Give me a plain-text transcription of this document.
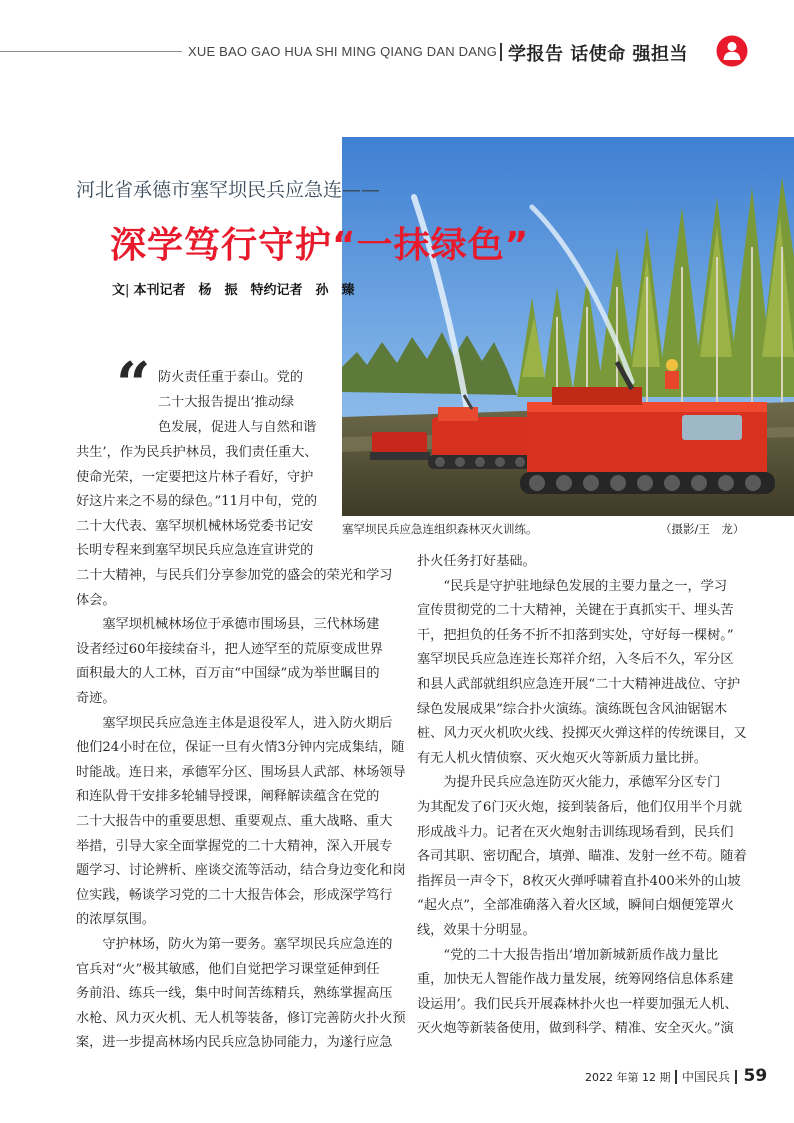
XUE BAO GAO HUA SHI MING QIANG DAN DANG 学报告 话使命 强担当
塞罕坝民兵应急连组织森林灭火训练。	（摄影/王　龙）
河北省承德市塞罕坝民兵应急连——
深学笃行守护“一抹绿色”
文| 本刊记者　杨　振　特约记者　孙　臻
“ 防火责任重于泰山。党的
二十大报告提出‘推动绿
色发展，促进人与自然和谐
共生’，作为民兵护林员，我们责任重大、
使命光荣，一定要把这片林子看好，守护
好这片来之不易的绿色。”11月中旬，党的
二十大代表、塞罕坝机械林场党委书记安
长明专程来到塞罕坝民兵应急连宣讲党的
二十大精神，与民兵们分享参加党的盛会的荣光和学习
体会。
　　塞罕坝机械林场位于承德市围场县，三代林场建
设者经过60年接续奋斗，把人迹罕至的荒原变成世界
面积最大的人工林，百万亩“中国绿”成为举世瞩目的
奇迹。
　　塞罕坝民兵应急连主体是退役军人，进入防火期后
他们24小时在位，保证一旦有火情3分钟内完成集结，随
时能战。连日来，承德军分区、围场县人武部、林场领导
和连队骨干安排多轮辅导授课，阐释解读蕴含在党的
二十大报告中的重要思想、重要观点、重大战略、重大
举措，引导大家全面掌握党的二十大精神，深入开展专
题学习、讨论辨析、座谈交流等活动，结合身边变化和岗
位实践，畅谈学习党的二十大报告体会，形成深学笃行
的浓厚氛围。
　　守护林场，防火为第一要务。塞罕坝民兵应急连的
官兵对“火”极其敏感，他们自觉把学习课堂延伸到任
务前沿、练兵一线，集中时间苦练精兵，熟练掌握高压
水枪、风力灭火机、无人机等装备，修订完善防火扑火预
案，进一步提高林场内民兵应急协同能力，为遂行应急
扑火任务打好基础。
　　“民兵是守护驻地绿色发展的主要力量之一，学习
宣传贯彻党的二十大精神，关键在于真抓实干、埋头苦
干，把担负的任务不折不扣落到实处，守好每一棵树。”
塞罕坝民兵应急连连长郑祥介绍，入冬后不久，军分区
和县人武部就组织应急连开展“二十大精神进战位、守护
绿色发展成果”综合扑火演练。演练既包含风油锯锯木
桩、风力灭火机吹火线、投掷灭火弹这样的传统课目，又
有无人机火情侦察、灭火炮灭火等新质力量比拼。
　　为提升民兵应急连防灭火能力，承德军分区专门
为其配发了6门灭火炮，接到装备后，他们仅用半个月就
形成战斗力。记者在灭火炮射击训练现场看到，民兵们
各司其职、密切配合，填弹、瞄准、发射一丝不苟。随着
指挥员一声令下，8枚灭火弹呼啸着直扑400米外的山坡
“起火点”，全部准确落入着火区域，瞬间白烟便笼罩火
线，效果十分明显。
　　“党的二十大报告指出‘增加新城新质作战力量比
重，加快无人智能作战力量发展，统筹网络信息体系建
设运用’。我们民兵开展森林扑火也一样要加强无人机、
灭火炮等新装备使用，做到科学、精准、安全灭火。”演
2022 年第 12 期 中国民兵 59
